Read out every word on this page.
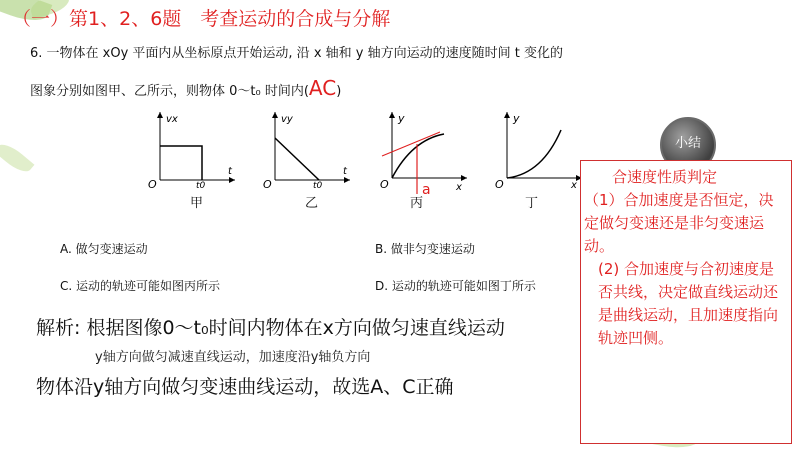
（一）第1、2、6题　考查运动的合成与分解
6. 一物体在 xOy 平面内从坐标原点开始运动, 沿 x 轴和 y 轴方向运动的速度随时间 t 变化的
图象分别如图甲、乙所示，则物体 0～t₀ 时间内(AC)
vx
O	t0
t
甲
vy
O	t0
t
乙
y
O	x
a
丙
y
O	x
丁
A. 做匀变速运动	B. 做非匀变速运动
C. 运动的轨迹可能如图丙所示	D. 运动的轨迹可能如图丁所示
解析: 根据图像0～t₀时间内物体在x方向做匀速直线运动
y轴方向做匀减速直线运动，加速度沿y轴负方向
物体沿y轴方向做匀变速曲线运动，故选A、C正确
小结
合速度性质判定
（1）合加速度是否恒定，决定做匀变速还是非匀变速运动。
(2) 合加速度与合初速度是否共线，决定做直线运动还是曲线运动，且加速度指向轨迹凹侧。
